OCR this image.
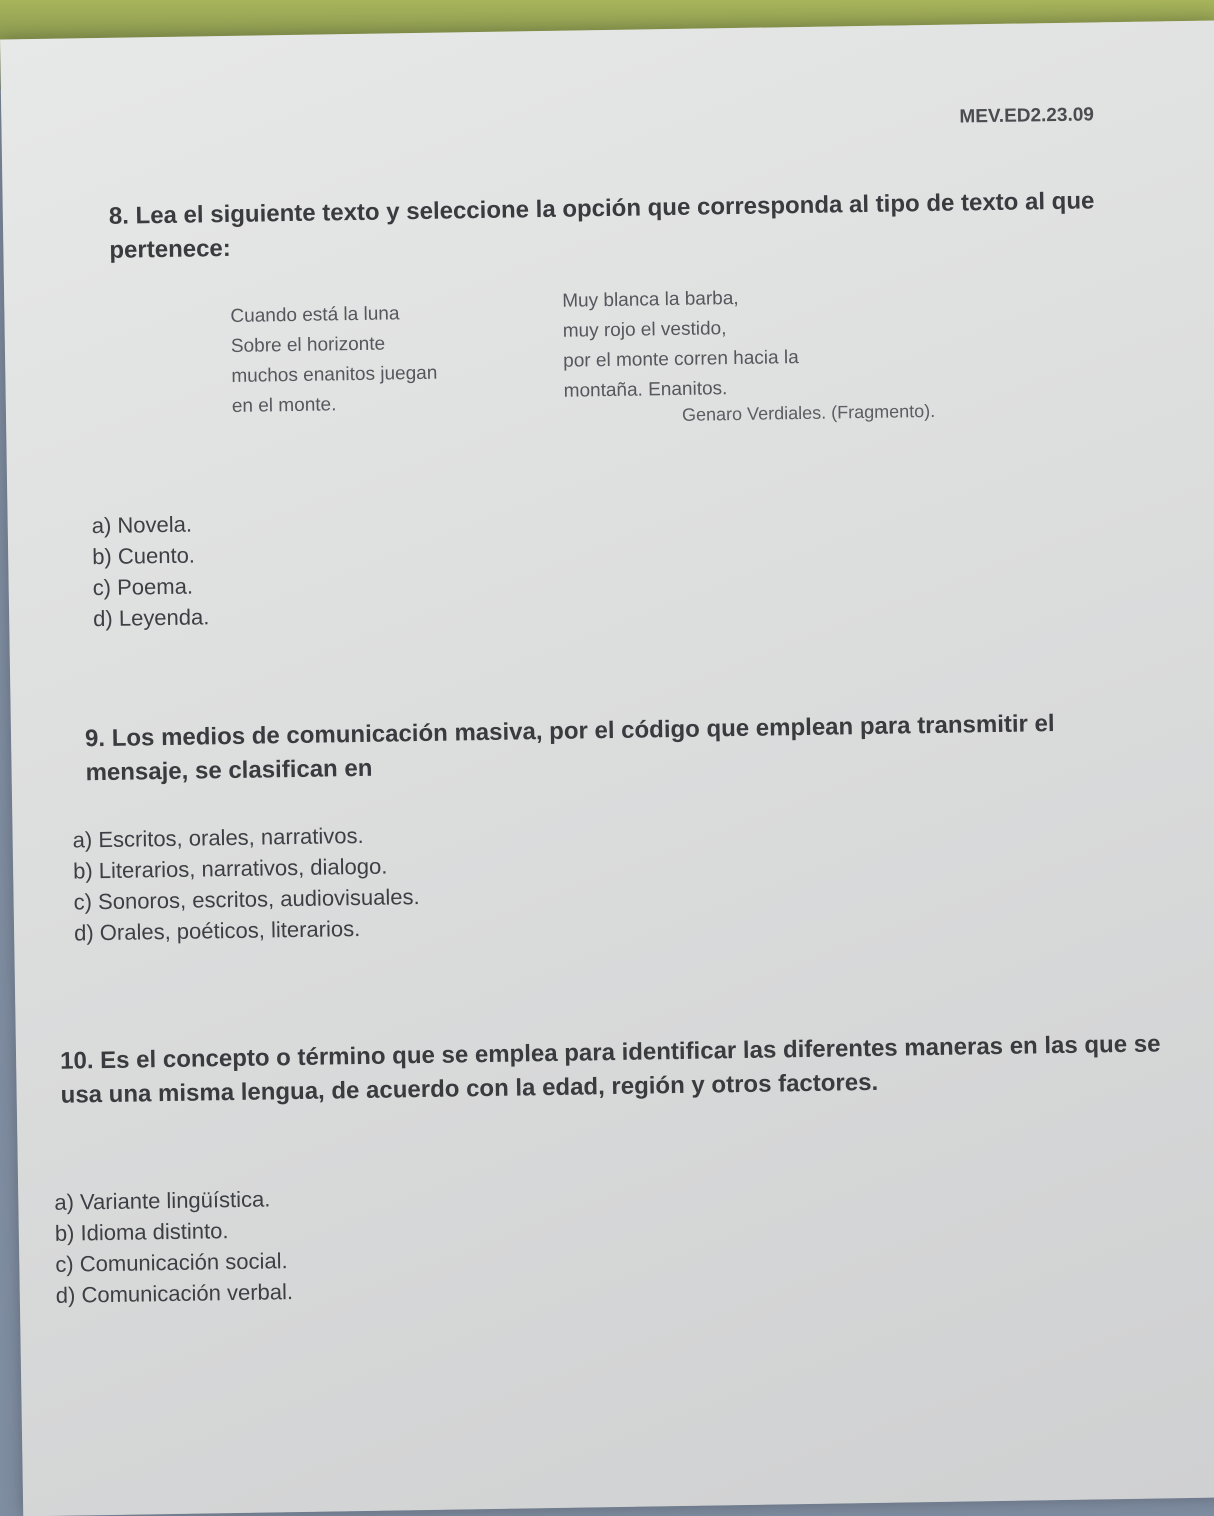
MEV.ED2.23.09
8. Lea el siguiente texto y seleccione la opción que corresponda al tipo de texto al que pertenece:
Cuando está la luna
Sobre el horizonte
muchos enanitos juegan
en el monte.
Muy blanca la barba,
muy rojo el vestido,
por el monte corren hacia la
montaña. Enanitos.
Genaro Verdiales. (Fragmento).
a) Novela.
b) Cuento.
c) Poema.
d) Leyenda.
9. Los medios de comunicación masiva, por el código que emplean para transmitir el mensaje, se clasifican en
a) Escritos, orales, narrativos.
b) Literarios, narrativos, dialogo.
c) Sonoros, escritos, audiovisuales.
d) Orales, poéticos, literarios.
10. Es el concepto o término que se emplea para identificar las diferentes maneras en las que se usa una misma lengua, de acuerdo con la edad, región y otros factores.
a) Variante lingüística.
b) Idioma distinto.
c) Comunicación social.
d) Comunicación verbal.
